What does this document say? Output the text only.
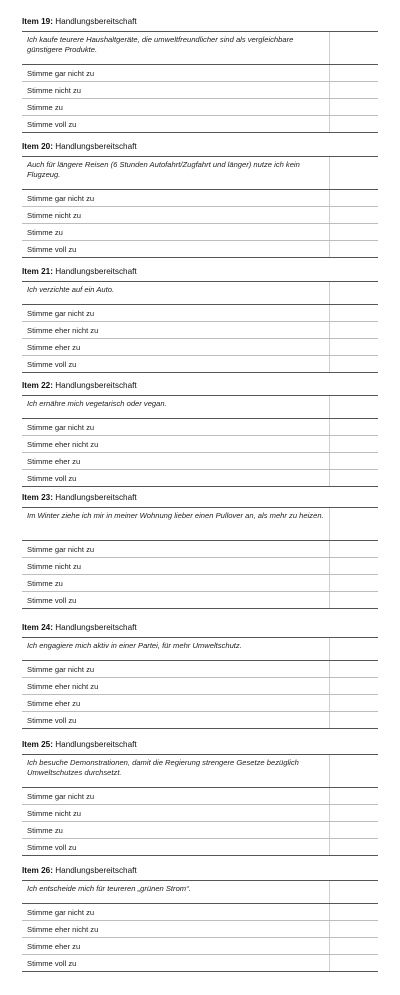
Item 19: Handlungsbereitschaft
Ich kaufe teurere Haushaltgeräte, die umweltfreundlicher sind als vergleichbare günstigere Produkte.	
Stimme gar nicht zu	
Stimme nicht zu	
Stimme zu	
Stimme voll zu	
Item 20: Handlungsbereitschaft
Auch für längere Reisen (6 Stunden Autofahrt/Zugfahrt und länger) nutze ich kein Flugzeug.	
Stimme gar nicht zu	
Stimme nicht zu	
Stimme zu	
Stimme voll zu	
Item 21: Handlungsbereitschaft
Ich verzichte auf ein Auto.	
Stimme gar nicht zu	
Stimme eher nicht zu	
Stimme eher zu	
Stimme voll zu	
Item 22: Handlungsbereitschaft
Ich ernähre mich vegetarisch oder vegan.	
Stimme gar nicht zu	
Stimme eher nicht zu	
Stimme eher zu	
Stimme voll zu	
Item 23: Handlungsbereitschaft
Im Winter ziehe ich mir in meiner Wohnung lieber einen Pullover an, als mehr zu heizen.	
Stimme gar nicht zu	
Stimme nicht zu	
Stimme zu	
Stimme voll zu	
Item 24: Handlungsbereitschaft
Ich engagiere mich aktiv in einer Partei, für mehr Umweltschutz.	
Stimme gar nicht zu	
Stimme eher nicht zu	
Stimme eher zu	
Stimme voll zu	
Item 25: Handlungsbereitschaft
Ich besuche Demonstrationen, damit die Regierung strengere Gesetze bezüglich Umweltschutzes durchsetzt.	
Stimme gar nicht zu	
Stimme nicht zu	
Stimme zu	
Stimme voll zu	
Item 26: Handlungsbereitschaft
Ich entscheide mich für teureren „grünen Strom“.	
Stimme gar nicht zu	
Stimme eher nicht zu	
Stimme eher zu	
Stimme voll zu	
